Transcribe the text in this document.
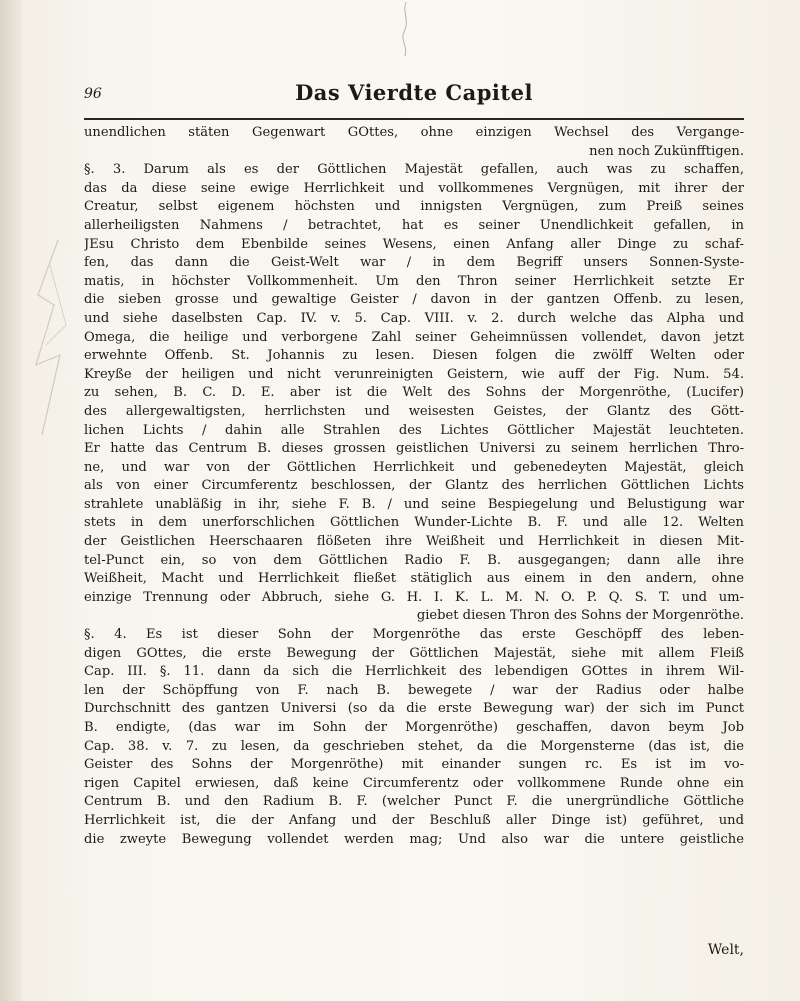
96	Das Vierdte Capitel
unendlichen stäten Gegenwart GOttes, ohne einzigen Wechsel des Vergange-
nen noch Zukünfftigen.
§. 3. Darum als es der Göttlichen Majestät gefallen, auch was zu schaffen,
das da diese seine ewige Herrlichkeit und vollkommenes Vergnügen, mit ihrer der
Creatur, selbst eigenem höchsten und innigsten Vergnügen, zum Preiß seines
allerheiligsten Nahmens / betrachtet, hat es seiner Unendlichkeit gefallen, in
JEsu Christo dem Ebenbilde seines Wesens, einen Anfang aller Dinge zu schaf-
fen, das dann die Geist-Welt war / in dem Begriff unsers Sonnen-Syste-
matis, in höchster Vollkommenheit. Um den Thron seiner Herrlichkeit setzte Er
die sieben grosse und gewaltige Geister / davon in der gantzen Offenb. zu lesen,
und siehe daselbsten Cap. IV. v. 5. Cap. VIII. v. 2. durch welche das Alpha und
Omega, die heilige und verborgene Zahl seiner Geheimnüssen vollendet, davon jetzt
erwehnte Offenb. St. Johannis zu lesen. Diesen folgen die zwölff Welten oder
Kreyße der heiligen und nicht verunreinigten Geistern, wie auff der Fig. Num. 54.
zu sehen, B. C. D. E. aber ist die Welt des Sohns der Morgenröthe, (Lucifer)
des allergewaltigsten, herrlichsten und weisesten Geistes, der Glantz des Gött-
lichen Lichts / dahin alle Strahlen des Lichtes Göttlicher Majestät leuchteten.
Er hatte das Centrum B. dieses grossen geistlichen Universi zu seinem herrlichen Thro-
ne, und war von der Göttlichen Herrlichkeit und gebenedeyten Majestät, gleich
als von einer Circumferentz beschlossen, der Glantz des herrlichen Göttlichen Lichts
strahlete unabläßig in ihr, siehe F. B. / und seine Bespiegelung und Belustigung war
stets in dem unerforschlichen Göttlichen Wunder-Lichte B. F. und alle 12. Welten
der Geistlichen Heerschaaren flößeten ihre Weißheit und Herrlichkeit in diesen Mit-
tel-Punct ein, so von dem Göttlichen Radio F. B. ausgegangen; dann alle ihre
Weißheit, Macht und Herrlichkeit fließet stätiglich aus einem in den andern, ohne
einzige Trennung oder Abbruch, siehe G. H. I. K. L. M. N. O. P. Q. S. T. und um-
giebet diesen Thron des Sohns der Morgenröthe.
§. 4. Es ist dieser Sohn der Morgenröthe das erste Geschöpff des leben-
digen GOttes, die erste Bewegung der Göttlichen Majestät, siehe mit allem Fleiß
Cap. III. §. 11. dann da sich die Herrlichkeit des lebendigen GOttes in ihrem Wil-
len der Schöpffung von F. nach B. bewegete / war der Radius oder halbe
Durchschnitt des gantzen Universi (so da die erste Bewegung war) der sich im Punct
B. endigte, (das war im Sohn der Morgenröthe) geschaffen, davon beym Job
Cap. 38. v. 7. zu lesen, da geschrieben stehet, da die Morgensterne (das ist, die
Geister des Sohns der Morgenröthe) mit einander sungen rc. Es ist im vo-
rigen Capitel erwiesen, daß keine Circumferentz oder vollkommene Runde ohne ein
Centrum B. und den Radium B. F. (welcher Punct F. die unergründliche Göttliche
Herrlichkeit ist, die der Anfang und der Beschluß aller Dinge ist) geführet, und
die zweyte Bewegung vollendet werden mag; Und also war die untere geistliche
Welt,
